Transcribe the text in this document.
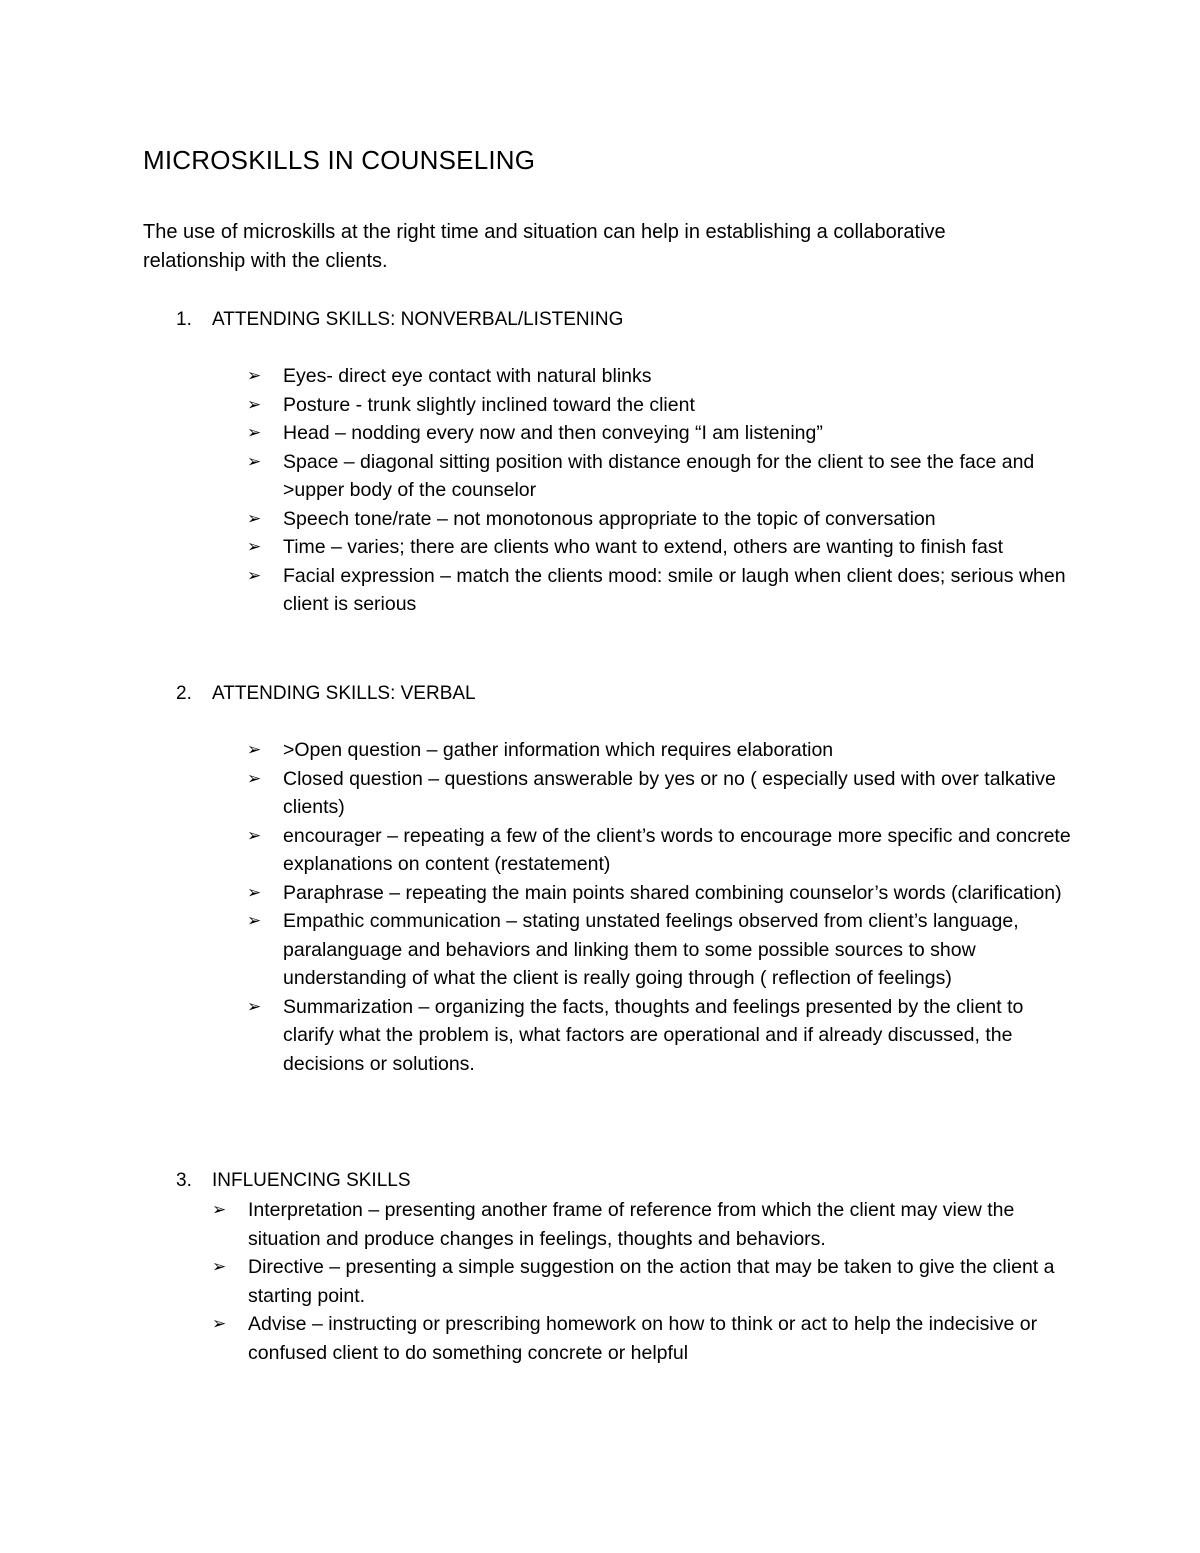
MICROSKILLS IN COUNSELING
The use of microskills at the right time and situation can help in establishing a collaborative relationship with the clients.
1. ATTENDING SKILLS: NONVERBAL/LISTENING
➢	Eyes- direct eye contact with natural blinks
➢	Posture - trunk slightly inclined toward the client
➢	Head – nodding every now and then conveying “I am listening”
➢	Space – diagonal sitting position with distance enough for the client to see the face and >upper body of the counselor
➢	Speech tone/rate – not monotonous appropriate to the topic of conversation
➢	Time – varies; there are clients who want to extend, others are wanting to finish fast
➢	Facial expression – match the clients mood: smile or laugh when client does; serious when client is serious
2. ATTENDING SKILLS: VERBAL
➢	>Open question – gather information which requires elaboration
➢	Closed question – questions answerable by yes or no ( especially used with over talkative clients)
➢	encourager – repeating a few of the client’s words to encourage more specific and concrete explanations on content (restatement)
➢	Paraphrase – repeating the main points shared combining counselor’s words (clarification)
➢	Empathic communication – stating unstated feelings observed from client’s language, paralanguage and behaviors and linking them to some possible sources to show understanding of what the client is really going through ( reflection of feelings)
➢	Summarization – organizing the facts, thoughts and feelings presented by the client to clarify what the problem is, what factors are operational and if already discussed, the decisions or solutions.
3. INFLUENCING SKILLS
➢	Interpretation – presenting another frame of reference from which the client may view the situation and produce changes in feelings, thoughts and behaviors.
➢	Directive – presenting a simple suggestion on the action that may be taken to give the client a starting point.
➢	Advise – instructing or prescribing homework on how to think or act to help the indecisive or confused client to do something concrete or helpful
